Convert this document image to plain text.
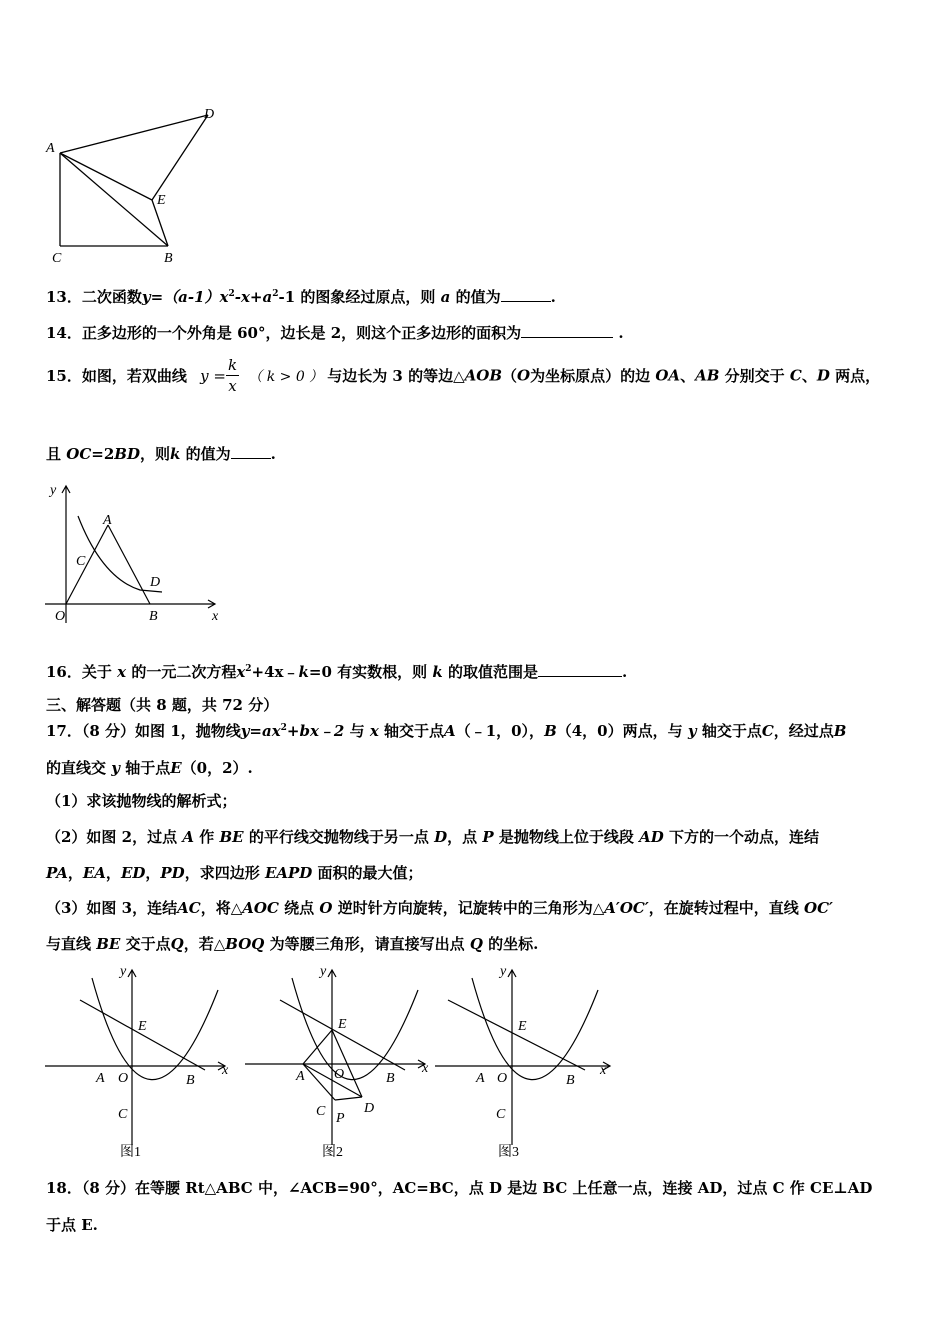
A
D
E
C	B
13．二次函数$y=(a-1)x^2-x+a^2-1$ 的图象经过原点，则 a 的值为	.
14．正多边形的一个外角是 60°，边长是 2，则这个正多边形的面积为	.
15．如图，若双曲线 $y = \frac{k}{x}$ （ k > 0 ） 与边长为 3 的等边△AOB（O为坐标原点）的边 OA、AB 分别交于 C、D 两点，
且 OC=2BD，则k 的值为	.
y
A
C
D
O	B	x
16．关于 x 的一元二次方程$x^2+4x﹣k=0$ 有实数根，则 k 的取值范围是	.
三、解答题（共 8 题，共 72 分）
17．（8 分）如图 1，抛物线$y=ax^2+bx﹣2$ 与 x 轴交于点A（﹣1，0），B（4，0）两点，与 y 轴交于点C，经过点B
的直线交 y 轴于点E（0，2）.
（1）求该抛物线的解析式；
（2）如图 2，过点 A 作 BE 的平行线交抛物线于另一点 D，点 P 是抛物线上位于线段 AD 下方的一个动点，连结
PA，EA，ED，PD，求四边形 EAPD 面积的最大值；
（3）如图 3，连结AC，将△AOC 绕点 O 逆时针方向旋转，记旋转中的三角形为△A′OC′，在旋转过程中，直线 OC′
与直线 BE 交于点Q，若△BOQ 为等腰三角形，请直接写出点 Q 的坐标.
y
E
A O	B
x
C
图1
y
E
A O	B
x
C P
D
图2
y
E
A O	B
x
C
图3
18．（8 分）在等腰 Rt△ABC 中，∠ACB=90°，AC=BC，点 D 是边 BC 上任意一点，连接 AD，过点 C 作 CE⊥AD
于点 E.
